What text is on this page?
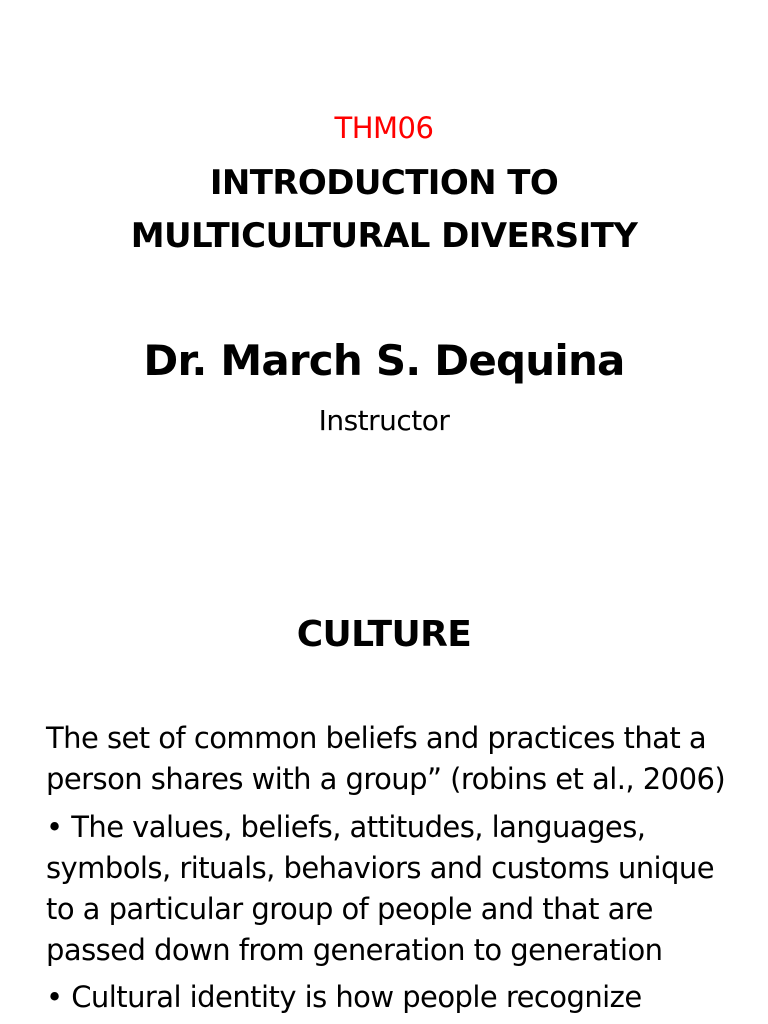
THM06
INTRODUCTION TO
MULTICULTURAL DIVERSITY
Dr. March S. Dequina
Instructor
CULTURE
The set of common beliefs and practices that a
person shares with a group” (robins et al., 2006)
• The values, beliefs, attitudes, languages,
symbols, rituals, behaviors and customs unique
to a particular group of people and that are
passed down from generation to generation
• Cultural identity is how people recognize
